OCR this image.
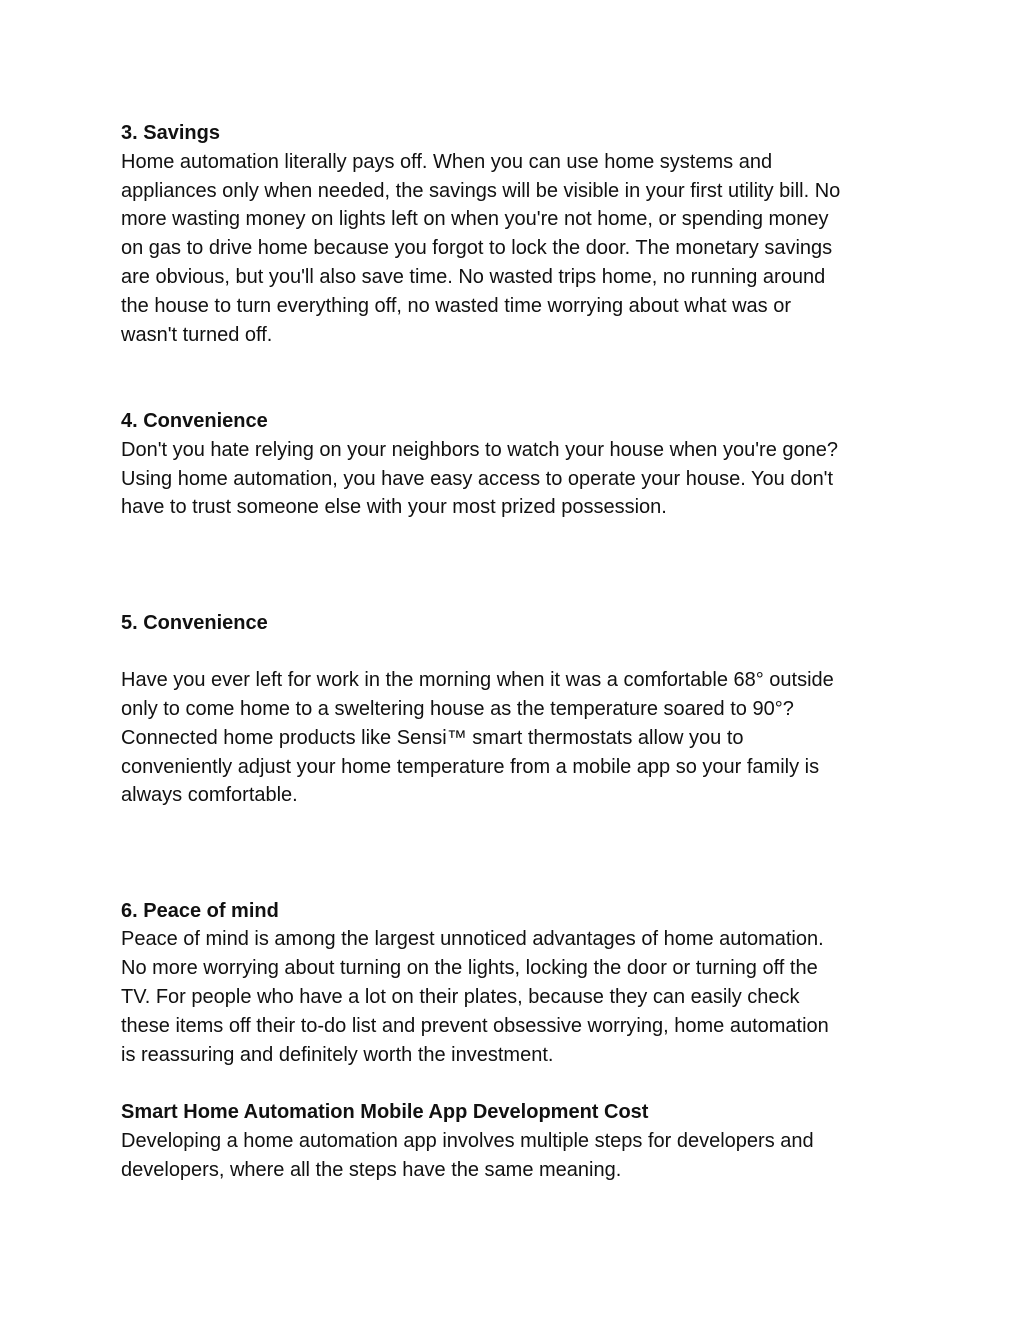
3. Savings
Home automation literally pays off. When you can use home systems and
appliances only when needed, the savings will be visible in your first utility bill. No
more wasting money on lights left on when you're not home, or spending money
on gas to drive home because you forgot to lock the door. The monetary savings
are obvious, but you'll also save time. No wasted trips home, no running around
the house to turn everything off, no wasted time worrying about what was or
wasn't turned off.
4. Convenience
Don't you hate relying on your neighbors to watch your house when you're gone?
Using home automation, you have easy access to operate your house. You don't
have to trust someone else with your most prized possession.
5. Convenience
Have you ever left for work in the morning when it was a comfortable 68° outside
only to come home to a sweltering house as the temperature soared to 90°?
Connected home products like Sensi™ smart thermostats allow you to
conveniently adjust your home temperature from a mobile app so your family is
always comfortable.
6. Peace of mind
Peace of mind is among the largest unnoticed advantages of home automation.
No more worrying about turning on the lights, locking the door or turning off the
TV. For people who have a lot on their plates, because they can easily check
these items off their to-do list and prevent obsessive worrying, home automation
is reassuring and definitely worth the investment.
Smart Home Automation Mobile App Development Cost
Developing a home automation app involves multiple steps for developers and
developers, where all the steps have the same meaning.
